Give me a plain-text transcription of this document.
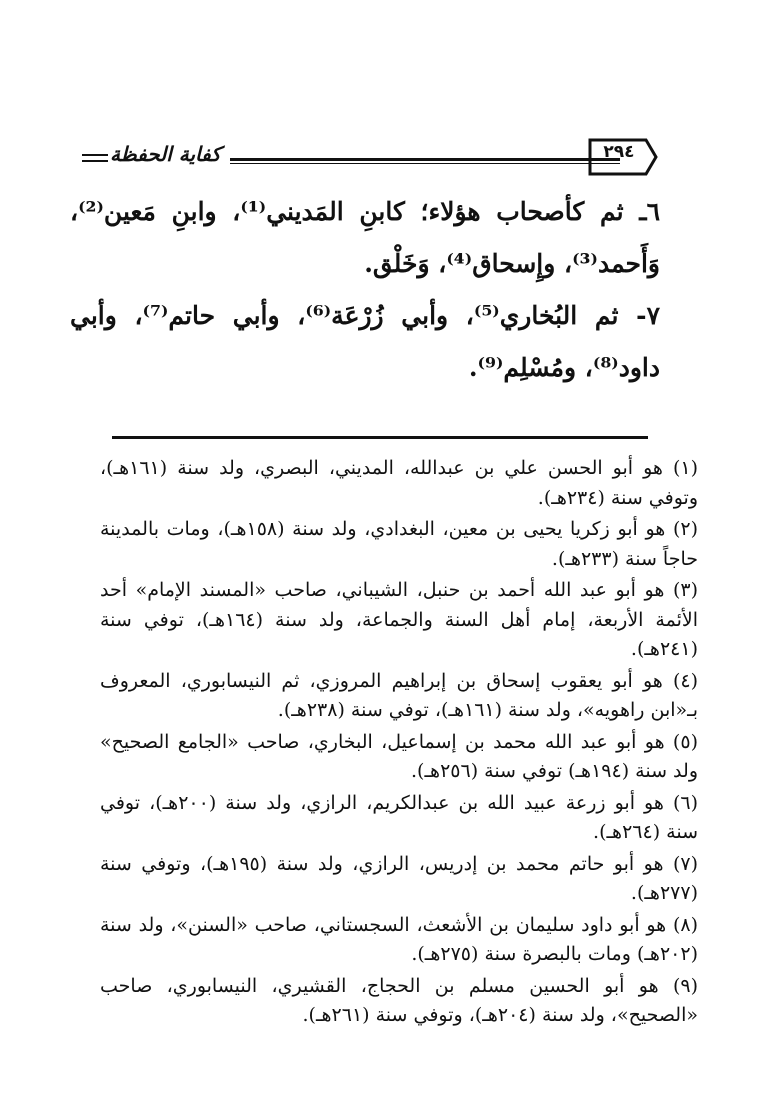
كفاية الحفظة	٢٩٤

٦ـ ثم كأصحاب هؤلاء؛ كابنِ المَديني⁽¹⁾، وابنِ مَعين⁽²⁾، وَأَحمد⁽³⁾، وإِسحاق⁽⁴⁾، وَخَلْق.

٧- ثم البُخاري⁽⁵⁾، وأبي زُرْعَة⁽⁶⁾، وأبي حاتم⁽⁷⁾، وأبي داود⁽⁸⁾، ومُسْلِم⁽⁹⁾.

(١) هو أبو الحسن علي بن عبدالله، المديني، البصري، ولد سنة (١٦١هـ)، وتوفي سنة (٢٣٤هـ).

(٢) هو أبو زكريا يحيى بن معين، البغدادي، ولد سنة (١٥٨هـ)، ومات بالمدينة حاجاً سنة (٢٣٣هـ).

(٣) هو أبو عبد الله أحمد بن حنبل، الشيباني، صاحب «المسند الإمام» أحد الأئمة الأربعة، إمام أهل السنة والجماعة، ولد سنة (١٦٤هـ)، توفي سنة (٢٤١هـ).

(٤) هو أبو يعقوب إسحاق بن إبراهيم المروزي، ثم النيسابوري، المعروف بـ«ابن راهويه»، ولد سنة (١٦١هـ)، توفي سنة (٢٣٨هـ).

(٥) هو أبو عبد الله محمد بن إسماعيل، البخاري، صاحب «الجامع الصحيح» ولد سنة (١٩٤هـ) توفي سنة (٢٥٦هـ).

(٦) هو أبو زرعة عبيد الله بن عبدالكريم، الرازي، ولد سنة (٢٠٠هـ)، توفي سنة (٢٦٤هـ).

(٧) هو أبو حاتم محمد بن إدريس، الرازي، ولد سنة (١٩٥هـ)، وتوفي سنة (٢٧٧هـ).

(٨) هو أبو داود سليمان بن الأشعث، السجستاني، صاحب «السنن»، ولد سنة (٢٠٢هـ) ومات بالبصرة سنة (٢٧٥هـ).

(٩) هو أبو الحسين مسلم بن الحجاج، القشيري، النيسابوري، صاحب «الصحيح»، ولد سنة (٢٠٤هـ)، وتوفي سنة (٢٦١هـ).
